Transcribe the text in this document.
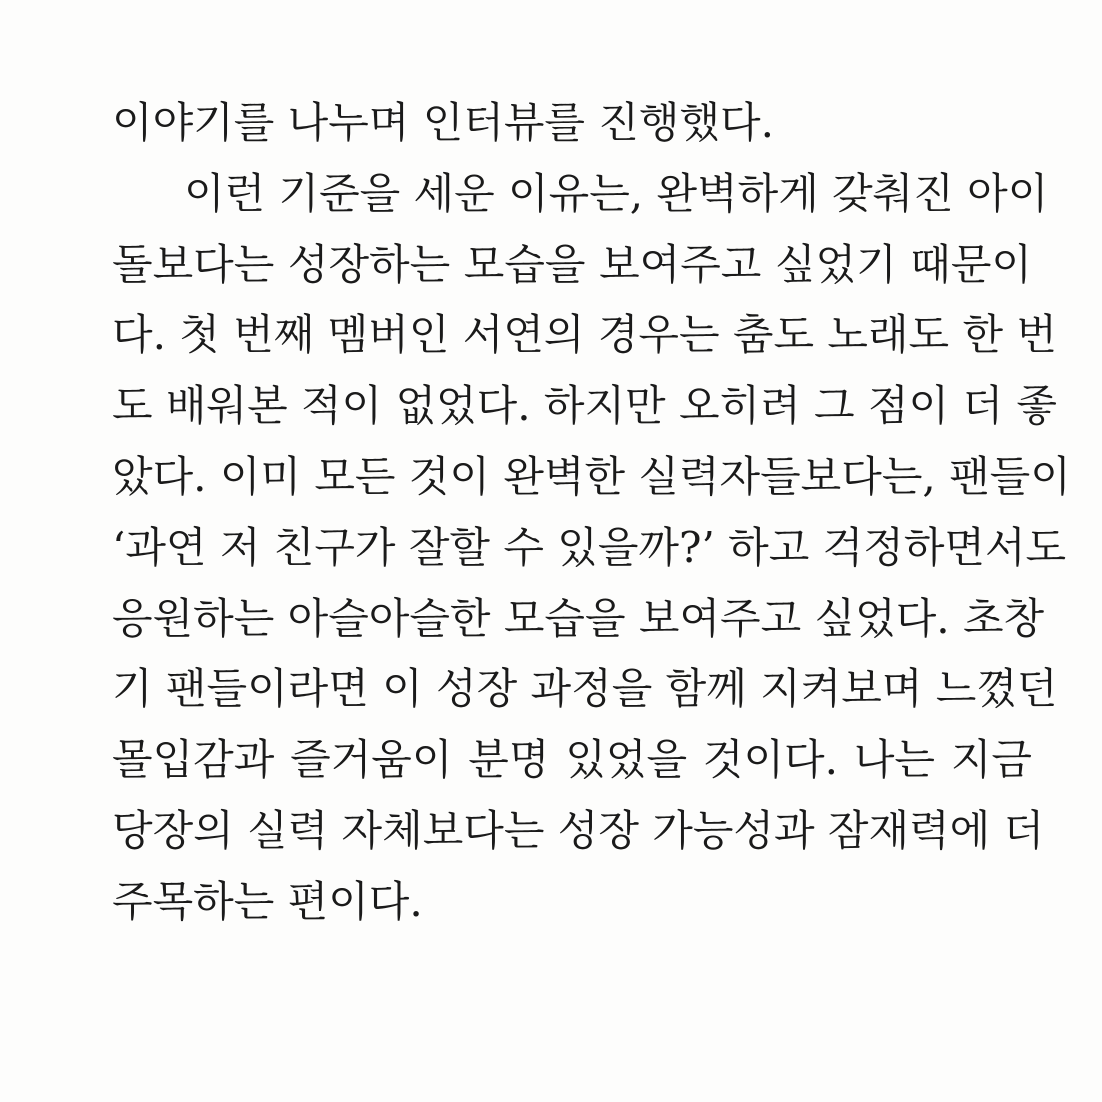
이야기를 나누며 인터뷰를 진행했다.
이런 기준을 세운 이유는, 완벽하게 갖춰진 아이
돌보다는 성장하는 모습을 보여주고 싶었기 때문이
다. 첫 번째 멤버인 서연의 경우는 춤도 노래도 한 번
도 배워본 적이 없었다. 하지만 오히려 그 점이 더 좋
았다. 이미 모든 것이 완벽한 실력자들보다는, 팬들이
‘과연 저 친구가 잘할 수 있을까?’ 하고 걱정하면서도
응원하는 아슬아슬한 모습을 보여주고 싶었다. 초창
기 팬들이라면 이 성장 과정을 함께 지켜보며 느꼈던
몰입감과 즐거움이 분명 있었을 것이다. 나는 지금
당장의 실력 자체보다는 성장 가능성과 잠재력에 더
주목하는 편이다.
